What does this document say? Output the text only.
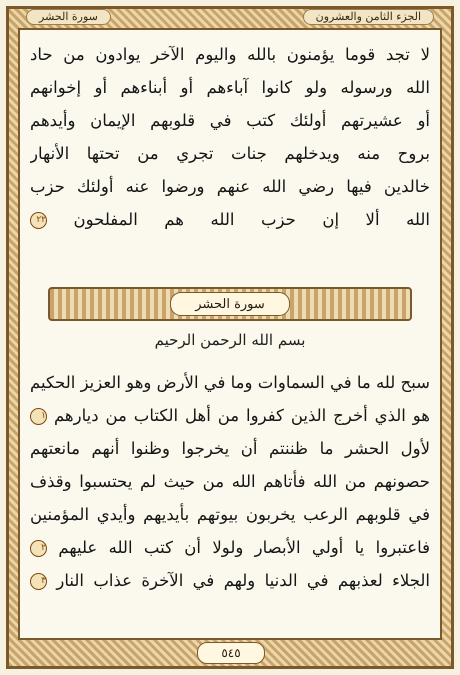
الجزء الثامن والعشرون
سورة الحشر
لا تجد قوما يؤمنون بالله واليوم الآخر يوادون من حاد
الله ورسوله ولو كانوا آباءهم أو أبناءهم أو إخوانهم
أو عشيرتهم أولئك كتب في قلوبهم الإيمان وأيدهم
بروح منه ويدخلهم جنات تجري من تحتها الأنهار
خالدين فيها رضي الله عنهم ورضوا عنه أولئك حزب
الله ألا إن حزب الله هم المفلحون ٢٢
سورة الحشر
بسم الله الرحمن الرحيم
سبح لله ما في السماوات وما في الأرض وهو العزيز الحكيم
هو الذي أخرج الذين كفروا من أهل الكتاب من ديارهم ١
لأول الحشر ما ظننتم أن يخرجوا وظنوا أنهم مانعتهم
حصونهم من الله فأتاهم الله من حيث لم يحتسبوا وقذف
في قلوبهم الرعب يخربون بيوتهم بأيديهم وأيدي المؤمنين
فاعتبروا يا أولي الأبصار ولولا أن كتب الله عليهم ٢
الجلاء لعذبهم في الدنيا ولهم في الآخرة عذاب النار ٣
٥٤٥
